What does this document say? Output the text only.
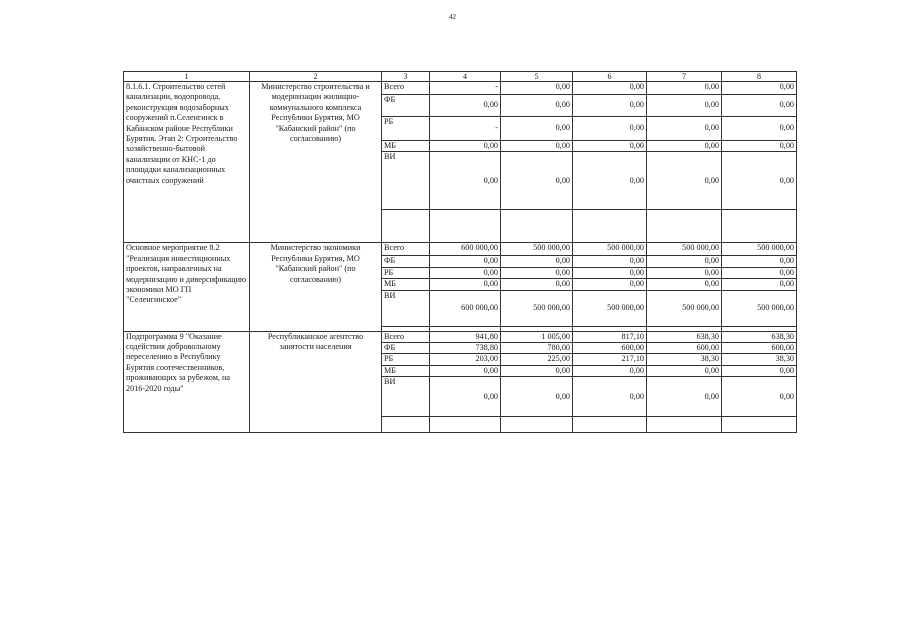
42
1	2	3	4	5	6	7	8
8.1.6.1. Строительство сетей канализации, водопровода, реконструкция водозаборных сооружений п.Селенгинск в Кабанском районе Республики Бурятия. Этап 2: Строительство хозяйственно-бытовой канализации от КНС-1 до площадки канализационных очистных сооружений	Министерство строительства и модернизации жилищно-коммунального комплекса Республики Бурятия, МО "Кабанский район" (по согласованию)	Всего	-	0,00	0,00	0,00	0,00
		ФБ	0,00	0,00	0,00	0,00	0,00
		РБ	-	0,00	0,00	0,00	0,00
		МБ	0,00	0,00	0,00	0,00	0,00
		ВИ	0,00	0,00	0,00	0,00	0,00

Основное мероприятие 8.2 "Реализация инвестиционных проектов, направленных на модернизацию и диверсификацию экономики МО ГП "Селенгинское"	Министерство экономики Республики Бурятия, МО "Кабанский район" (по согласованию)	Всего	600 000,00	500 000,00	500 000,00	500 000,00	500 000,00
		ФБ	0,00	0,00	0,00	0,00	0,00
		РБ	0,00	0,00	0,00	0,00	0,00
		МБ	0,00	0,00	0,00	0,00	0,00
		ВИ	600 000,00	500 000,00	500 000,00	500 000,00	500 000,00

Подпрограмма 9 "Оказание содействия добровольному переселению в Республику Бурятия соотечественников, проживающих за рубежом, на 2016-2020 годы"	Республиканское агентство занятости населения	Всего	941,80	1 005,00	817,10	638,30	638,30
		ФБ	738,80	780,00	600,00	600,00	600,00
		РБ	203,00	225,00	217,10	38,30	38,30
		МБ	0,00	0,00	0,00	0,00	0,00
		ВИ	0,00	0,00	0,00	0,00	0,00
